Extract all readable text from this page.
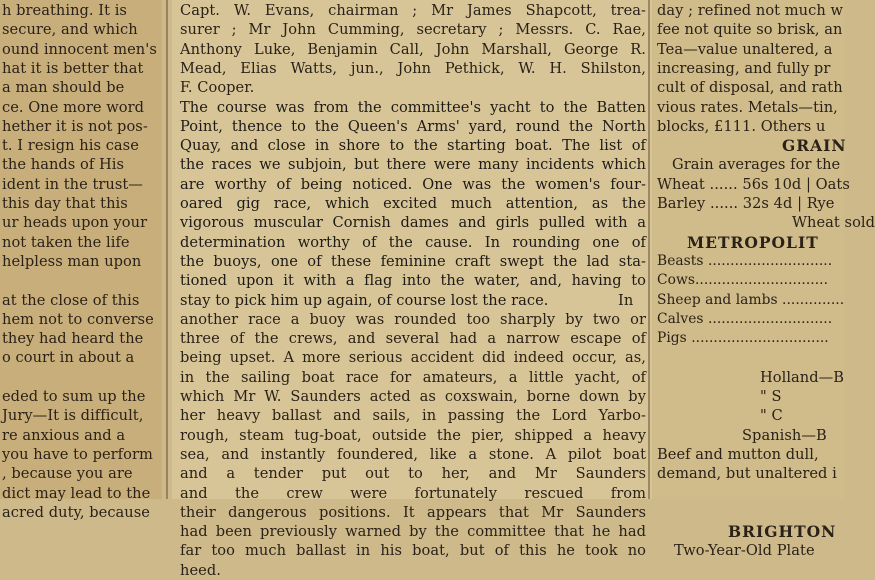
h breathing. It is
secure, and which
ound innocent men's
hat it is better that
a man should be
ce. One more word
hether it is not pos-
t. I resign his case
the hands of His
ident in the trust—
this day that this
ur heads upon your
not taken the life
helpless man upon
at the close of this
hem not to converse
they had heard the
o court in about a
eded to sum up the
Jury—It is difficult,
re anxious and a
you have to perform
, because you are
dict may lead to the
acred duty, because
Capt. W. Evans, chairman ; Mr James Shapcott, trea-
surer ; Mr John Cumming, secretary ; Messrs. C. Rae,
Anthony Luke, Benjamin Call, John Marshall, George R.
Mead, Elias Watts, jun., John Pethick, W. H. Shilston,
F. Cooper.
The course was from the committee's yacht to the Batten
Point, thence to the Queen's Arms' yard, round the North
Quay, and close in shore to the starting boat. The list of
the races we subjoin, but there were many incidents which
are worthy of being noticed. One was the women's four-
oared gig race, which excited much attention, as the
vigorous muscular Cornish dames and girls pulled with a
determination worthy of the cause. In rounding one of
the buoys, one of these feminine craft swept the lad sta-
tioned upon it with a flag into the water, and, having to
stay to pick him up again, of course lost the race.	In
another race a buoy was rounded too sharply by two or
three of the crews, and several had a narrow escape of
being upset. A more serious accident did indeed occur, as,
in the sailing boat race for amateurs, a little yacht, of
which Mr W. Saunders acted as coxswain, borne down by
her heavy ballast and sails, in passing the Lord Yarbo-
rough, steam tug-boat, outside the pier, shipped a heavy
sea, and instantly foundered, like a stone. A pilot boat
and a tender put out to her, and Mr Saunders
and the crew were fortunately rescued from
their dangerous positions. It appears that Mr Saunders
had been previously warned by the committee that he had
far too much ballast in his boat, but of this he took no
heed.
day ; refined not much w
fee not quite so brisk, an
Tea—value unaltered, a
increasing, and fully pr
cult of disposal, and rath
vious rates. Metals—tin,
blocks, £111. Others u
GRAIN
Grain averages for the
Wheat ...... 56s 10d | Oats
Barley ...... 32s 4d | Rye
Wheat sold
METROPOLIT
Beasts ............................
Cows..............................
Sheep and lambs ..............
Calves ............................
Pigs ...............................
Holland—B
" S
" C
Spanish—B
Beef and mutton dull,
demand, but unaltered i
BRIGHTON
Two-Year-Old Plate
